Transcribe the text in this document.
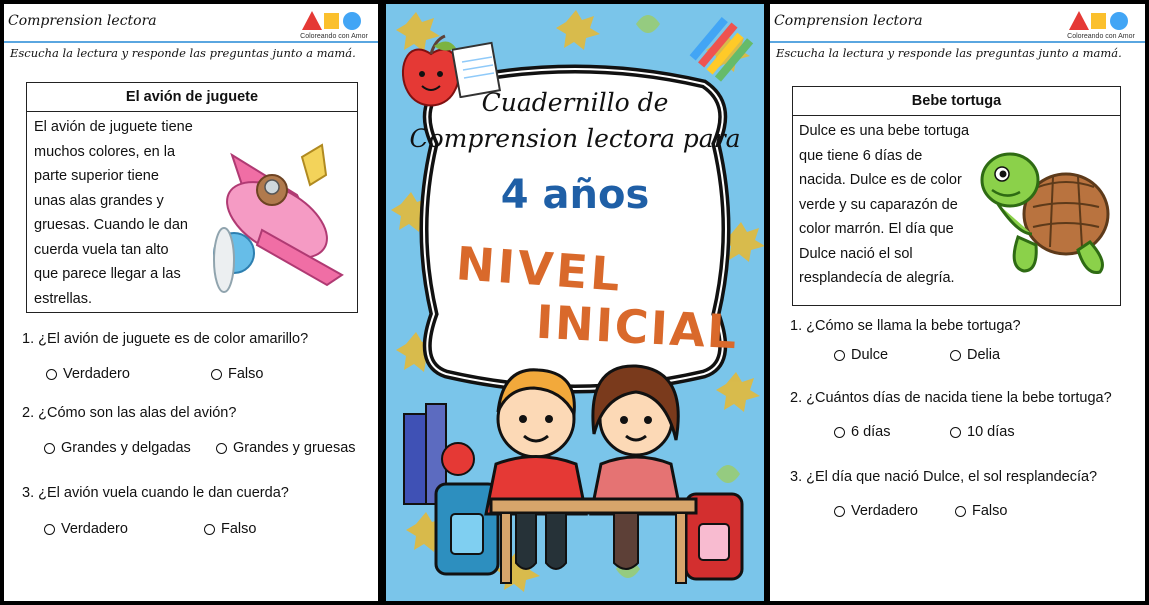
Comprension lectora
Coloreando con Amor
Escucha la lectura y responde las preguntas junto a mamá.
El avión de juguete
El avión de juguete tiene
muchos colores, en la
parte superior tiene
unas alas grandes y
gruesas. Cuando le dan
cuerda vuela tan alto
que parece llegar a las
estrellas.
1. ¿El avión de juguete es de color amarillo?
Verdadero	Falso
2. ¿Cómo son las alas del avión?
Grandes y delgadas	Grandes y gruesas
3. ¿El avión vuela cuando le dan cuerda?
Verdadero	Falso
Cuadernillo de
Comprension lectora para
4 años
NIVEL
INICIAL
Comprension lectora
Coloreando con Amor
Escucha la lectura y responde las preguntas junto a mamá.
Bebe tortuga
Dulce es una bebe tortuga
que tiene 6 días de
nacida. Dulce es de color
verde y su caparazón de
color marrón. El día que
Dulce nació el sol
resplandecía de alegría.
1. ¿Cómo se llama la bebe tortuga?
Dulce	Delia
2. ¿Cuántos días de nacida tiene la bebe tortuga?
6 días	10 días
3. ¿El día que nació Dulce, el sol resplandecía?
Verdadero	Falso
